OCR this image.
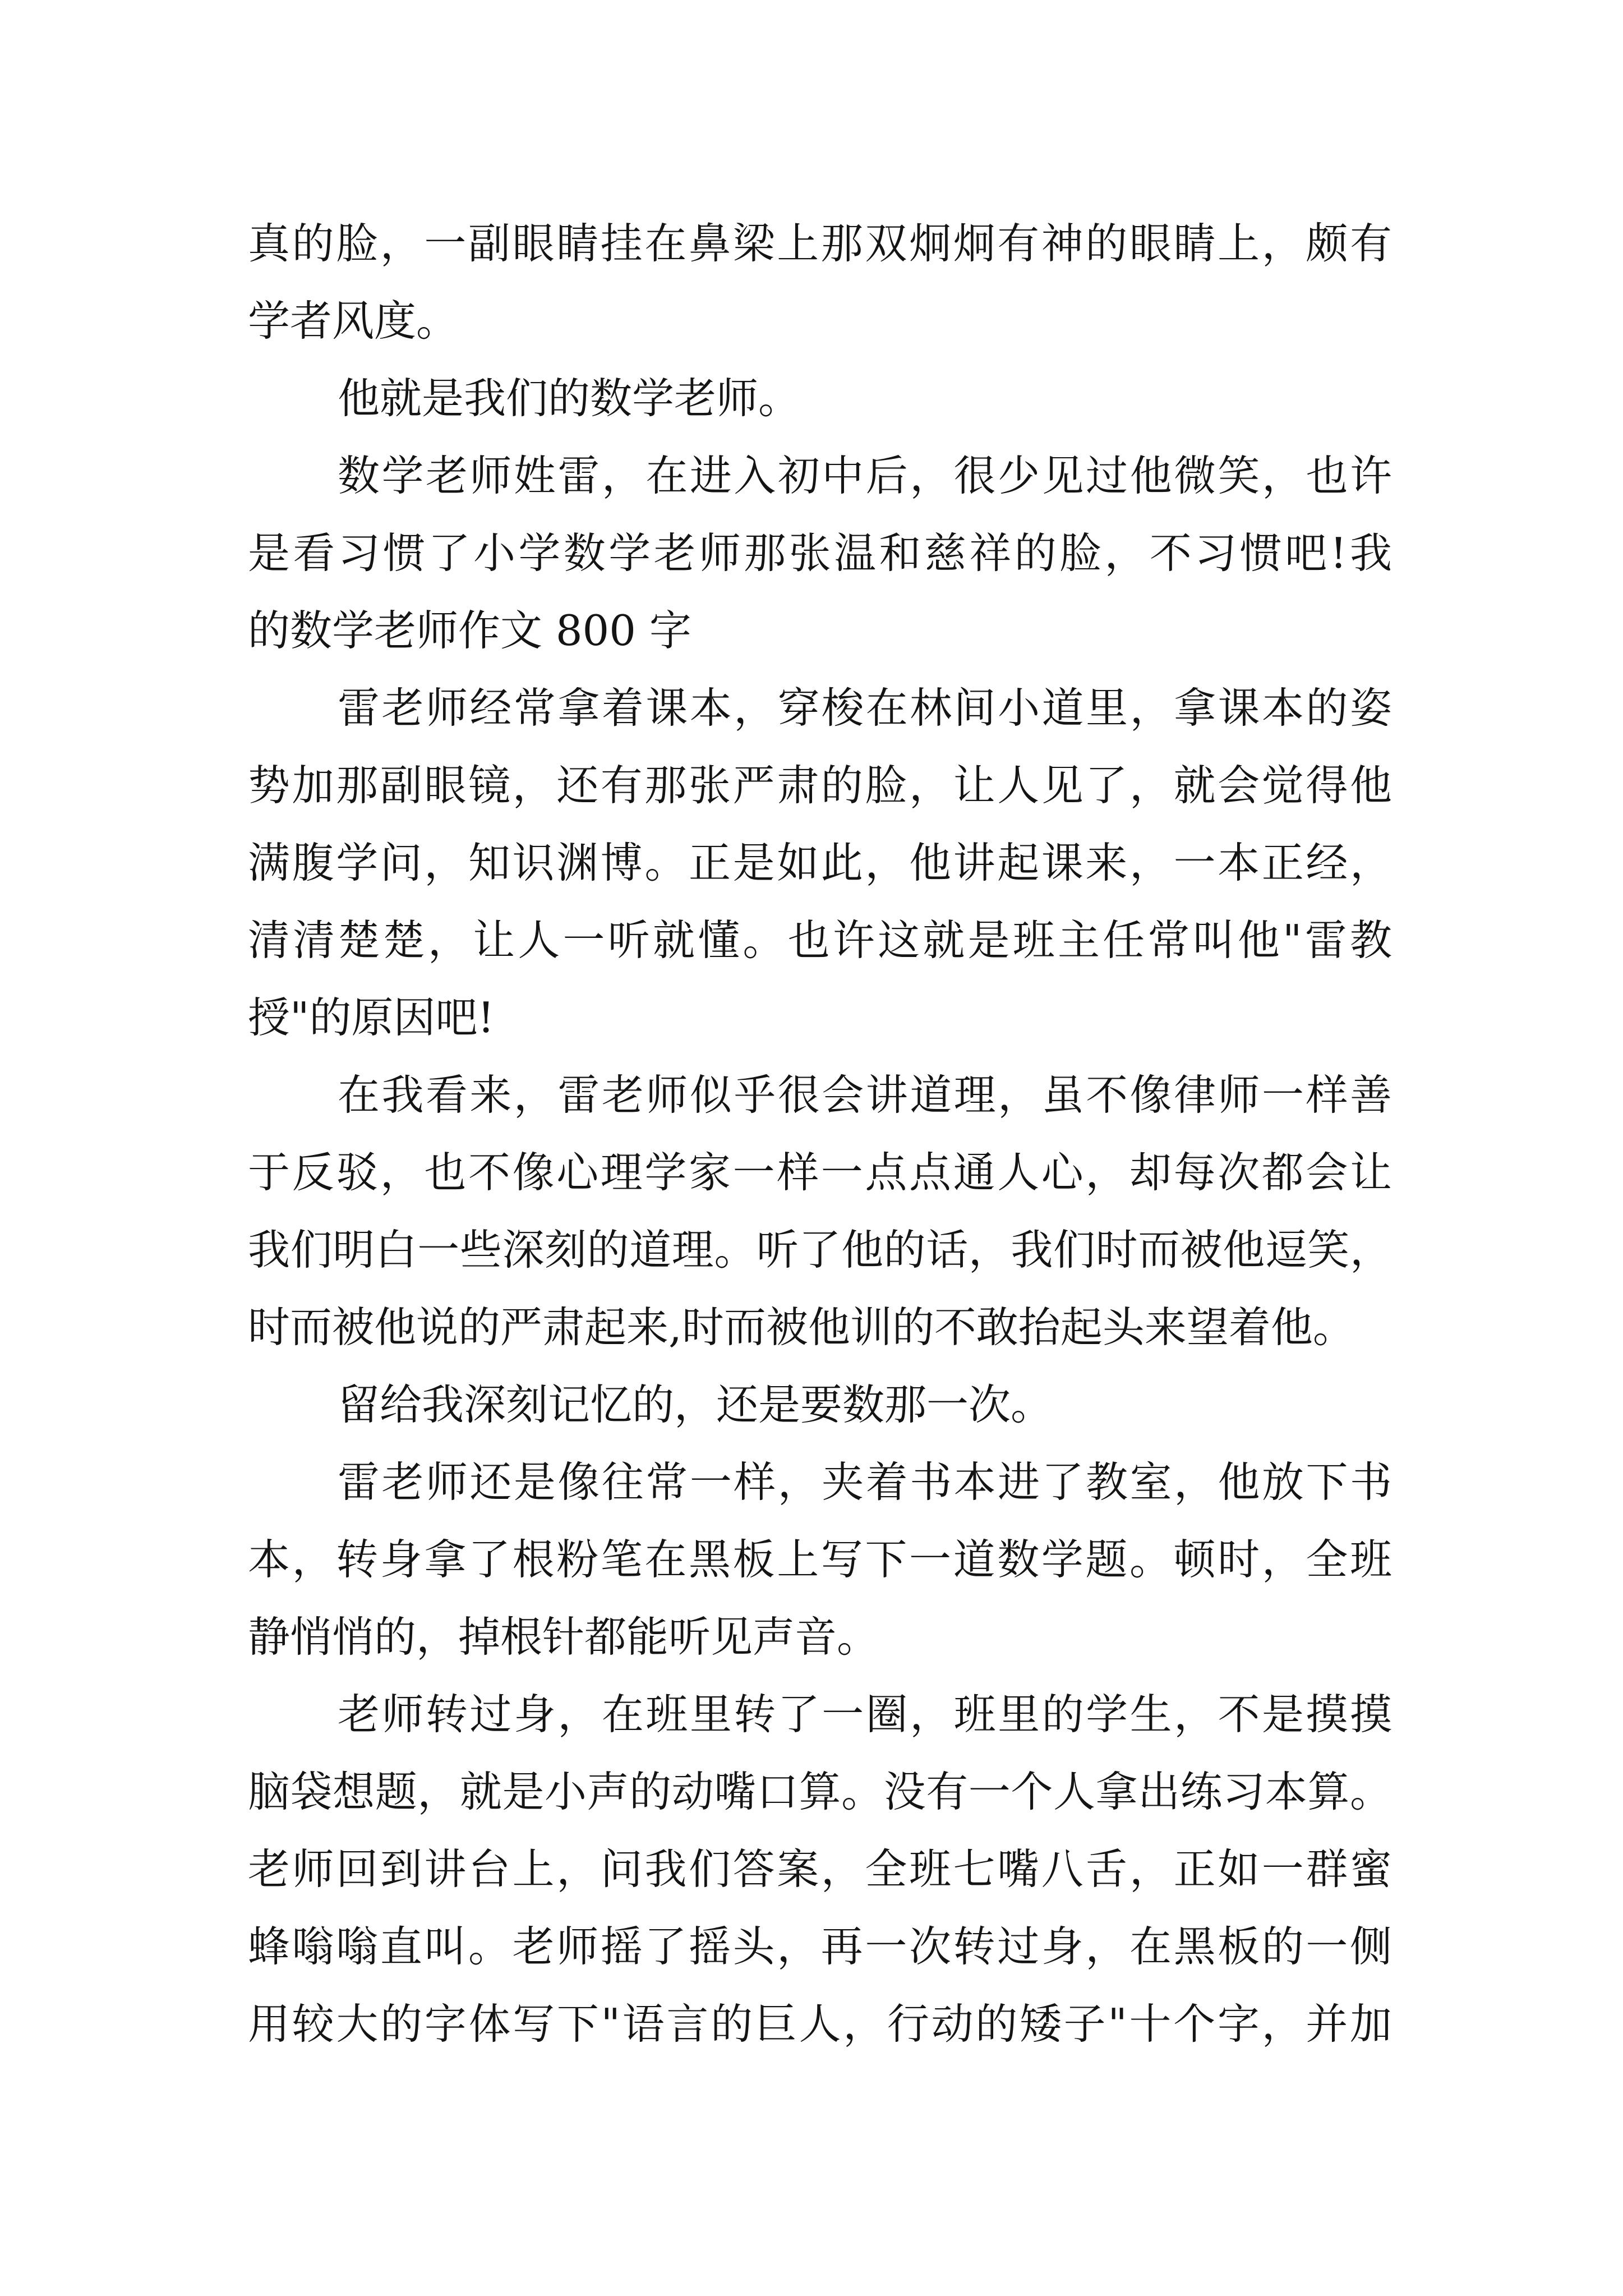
真的脸，一副眼睛挂在鼻梁上那双炯炯有神的眼睛上，颇有
学者风度。
他就是我们的数学老师。
数学老师姓雷，在进入初中后，很少见过他微笑，也许
是看习惯了小学数学老师那张温和慈祥的脸，不习惯吧!我
的数学老师作文 800 字
雷老师经常拿着课本，穿梭在林间小道里，拿课本的姿
势加那副眼镜，还有那张严肃的脸，让人见了，就会觉得他
满腹学问，知识渊博。正是如此，他讲起课来，一本正经，
清清楚楚，让人一听就懂。也许这就是班主任常叫他"雷教
授"的原因吧!
在我看来，雷老师似乎很会讲道理，虽不像律师一样善
于反驳，也不像心理学家一样一点点通人心，却每次都会让
我们明白一些深刻的道理。听了他的话，我们时而被他逗笑，
时而被他说的严肃起来,时而被他训的不敢抬起头来望着他。
留给我深刻记忆的，还是要数那一次。
雷老师还是像往常一样，夹着书本进了教室，他放下书
本，转身拿了根粉笔在黑板上写下一道数学题。顿时，全班
静悄悄的，掉根针都能听见声音。
老师转过身，在班里转了一圈，班里的学生，不是摸摸
脑袋想题，就是小声的动嘴口算。没有一个人拿出练习本算。
老师回到讲台上，问我们答案，全班七嘴八舌，正如一群蜜
蜂嗡嗡直叫。老师摇了摇头，再一次转过身，在黑板的一侧
用较大的字体写下"语言的巨人，行动的矮子"十个字，并加
